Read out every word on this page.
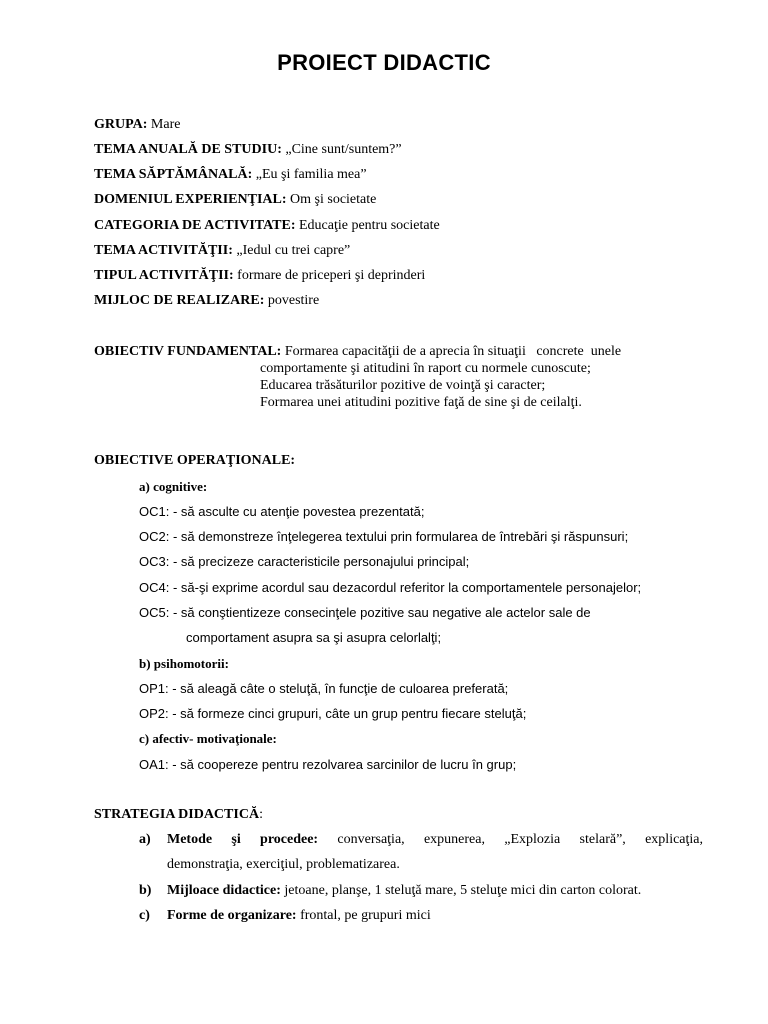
PROIECT DIDACTIC
GRUPA: Mare
TEMA ANUALĂ DE STUDIU: „Cine sunt/suntem?”
TEMA SĂPTĂMÂNALĂ: „Eu şi familia mea”
DOMENIUL EXPERIENŢIAL: Om şi societate
CATEGORIA DE ACTIVITATE: Educaţie pentru societate
TEMA ACTIVITĂŢII: „Iedul cu trei capre”
TIPUL ACTIVITĂŢII: formare de priceperi şi deprinderi
MIJLOC DE REALIZARE: povestire
OBIECTIV FUNDAMENTAL: Formarea capacităţii de a aprecia în situaţii   concrete  unele
comportamente şi atitudini în raport cu normele cunoscute;
Educarea trăsăturilor pozitive de voinţă şi caracter;
Formarea unei atitudini pozitive faţă de sine şi de ceilalţi.
OBIECTIVE OPERAŢIONALE:
a) cognitive:
OC1: - să asculte cu atenţie povestea prezentată;
OC2: - să demonstreze înţelegerea textului prin formularea de întrebări şi răspunsuri;
OC3: - să precizeze caracteristicile personajului principal;
OC4: - să-şi exprime acordul sau dezacordul referitor la comportamentele personajelor;
OC5: - să conştientizeze consecinţele pozitive sau negative ale actelor sale de
comportament asupra sa şi asupra celorlalţi;
b) psihomotorii:
OP1: - să aleagă câte o steluţă, în funcţie de culoarea preferată;
OP2: - să formeze cinci grupuri, câte un grup pentru fiecare steluţă;
c) afectiv- motivaţionale:
OA1: - să coopereze pentru rezolvarea sarcinilor de lucru în grup;
STRATEGIA DIDACTICĂ:
a) Metode şi procedee: conversaţia, expunerea, „Explozia stelară”, explicaţia,
demonstraţia, exerciţiul, problematizarea.
b) Mijloace didactice: jetoane, planşe, 1 steluţă mare, 5 steluţe mici din carton colorat.
c) Forme de organizare: frontal, pe grupuri mici
